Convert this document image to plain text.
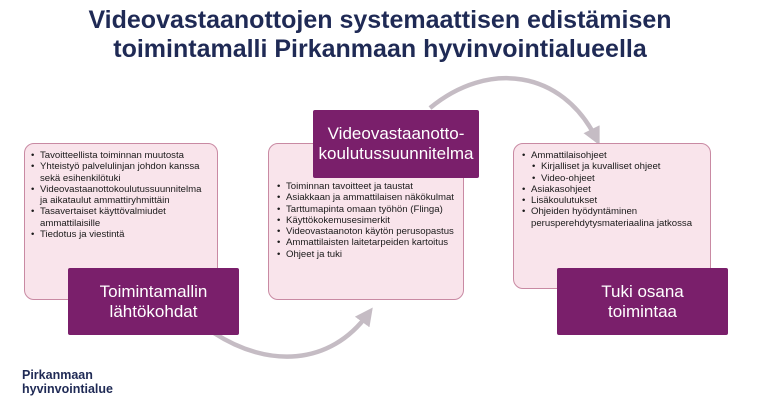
Videovastaanottojen systemaattisen edistämisen
toimintamalli Pirkanmaan hyvinvointialueella
• Tavoitteellista toiminnan muutosta
• Yhteistyö palvelulinjan johdon kanssa sekä esihenkilötuki
• Videovastaanottokoulutussuunnitelma ja aikataulut ammattiryhmittäin
• Tasavertaiset käyttövalmiudet ammattilaisille
• Tiedotus ja viestintä
Toimintamallin lähtökohdat
• Toiminnan tavoitteet ja taustat
• Asiakkaan ja ammattilaisen näkökulmat
• Tarttumapinta omaan työhön (Flinga)
• Käyttökokemusesimerkit
• Videovastaanoton käytön perusopastus
• Ammattilaisten laitetarpeiden kartoitus
• Ohjeet ja tuki
Videovastaanotto-koulutussuunnitelma
•	Ammattilaisohjeet
• Kirjalliset ja kuvalliset ohjeet
• Video-ohjeet
• Asiakasohjeet
• Lisäkoulutukset
• Ohjeiden hyödyntäminen perusperehdytysmateriaalina jatkossa
Tuki osana toimintaa
Pirkanmaan
hyvinvointialue
